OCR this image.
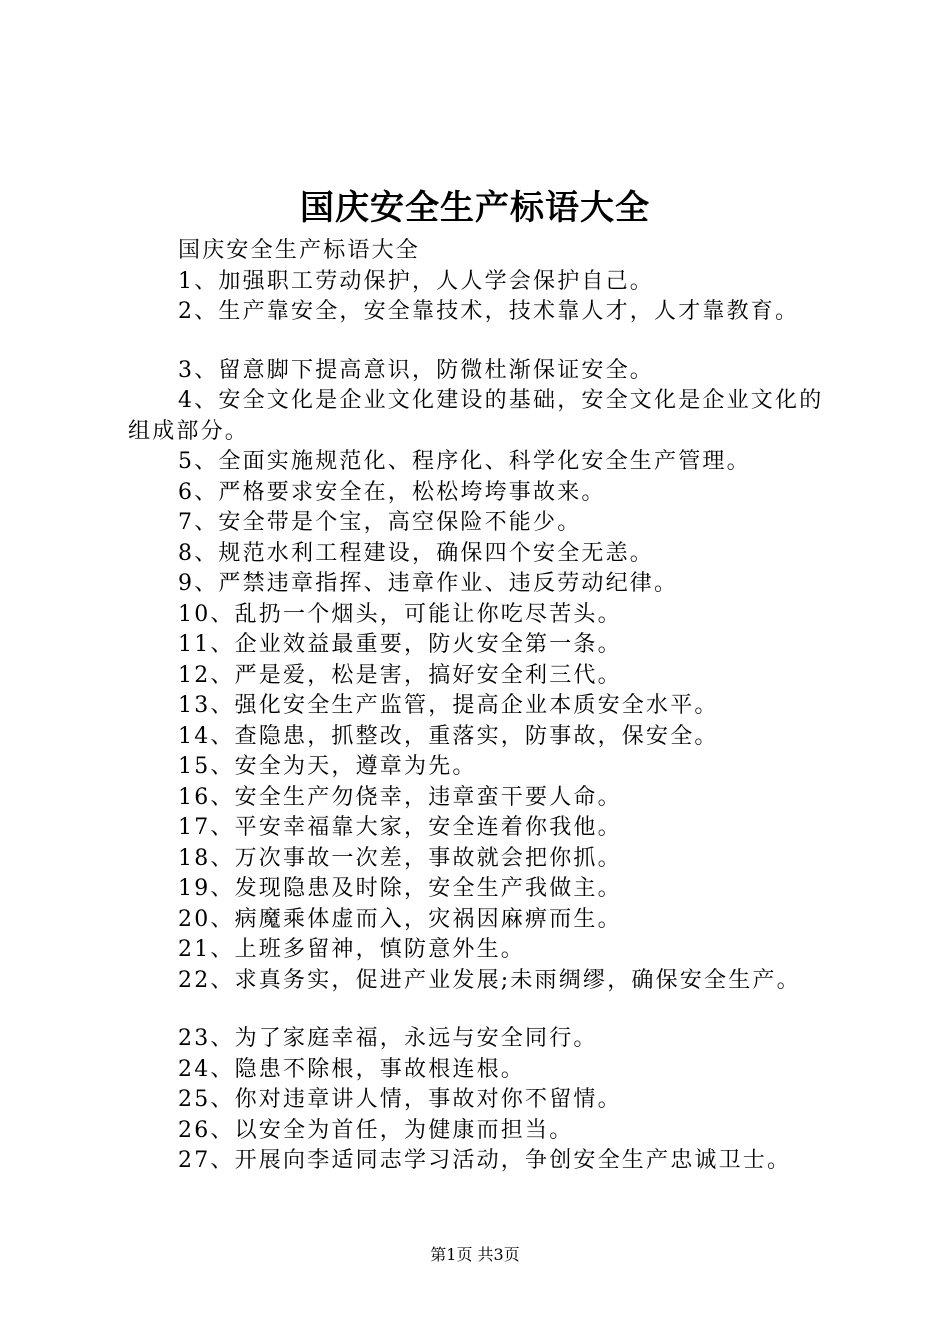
国庆安全生产标语大全

国庆安全生产标语大全

1、加强职工劳动保护，人人学会保护自己。

2、生产靠安全，安全靠技术，技术靠人才，人才靠教育。

3、留意脚下提高意识，防微杜渐保证安全。

4、安全文化是企业文化建设的基础，安全文化是企业文化的组成部分。

5、全面实施规范化、程序化、科学化安全生产管理。

6、严格要求安全在，松松垮垮事故来。

7、安全带是个宝，高空保险不能少。

8、规范水利工程建设，确保四个安全无恙。

9、严禁违章指挥、违章作业、违反劳动纪律。

10、乱扔一个烟头，可能让你吃尽苦头。

11、企业效益最重要，防火安全第一条。

12、严是爱，松是害，搞好安全利三代。

13、强化安全生产监管，提高企业本质安全水平。

14、查隐患，抓整改，重落实，防事故，保安全。

15、安全为天，遵章为先。

16、安全生产勿侥幸，违章蛮干要人命。

17、平安幸福靠大家，安全连着你我他。

18、万次事故一次差，事故就会把你抓。

19、发现隐患及时除，安全生产我做主。

20、病魔乘体虚而入，灾祸因麻痹而生。

21、上班多留神，慎防意外生。

22、求真务实，促进产业发展;未雨绸缪，确保安全生产。

23、为了家庭幸福，永远与安全同行。

24、隐患不除根，事故根连根。

25、你对违章讲人情，事故对你不留情。

26、以安全为首任，为健康而担当。

27、开展向李适同志学习活动，争创安全生产忠诚卫士。

第1页 共3页
